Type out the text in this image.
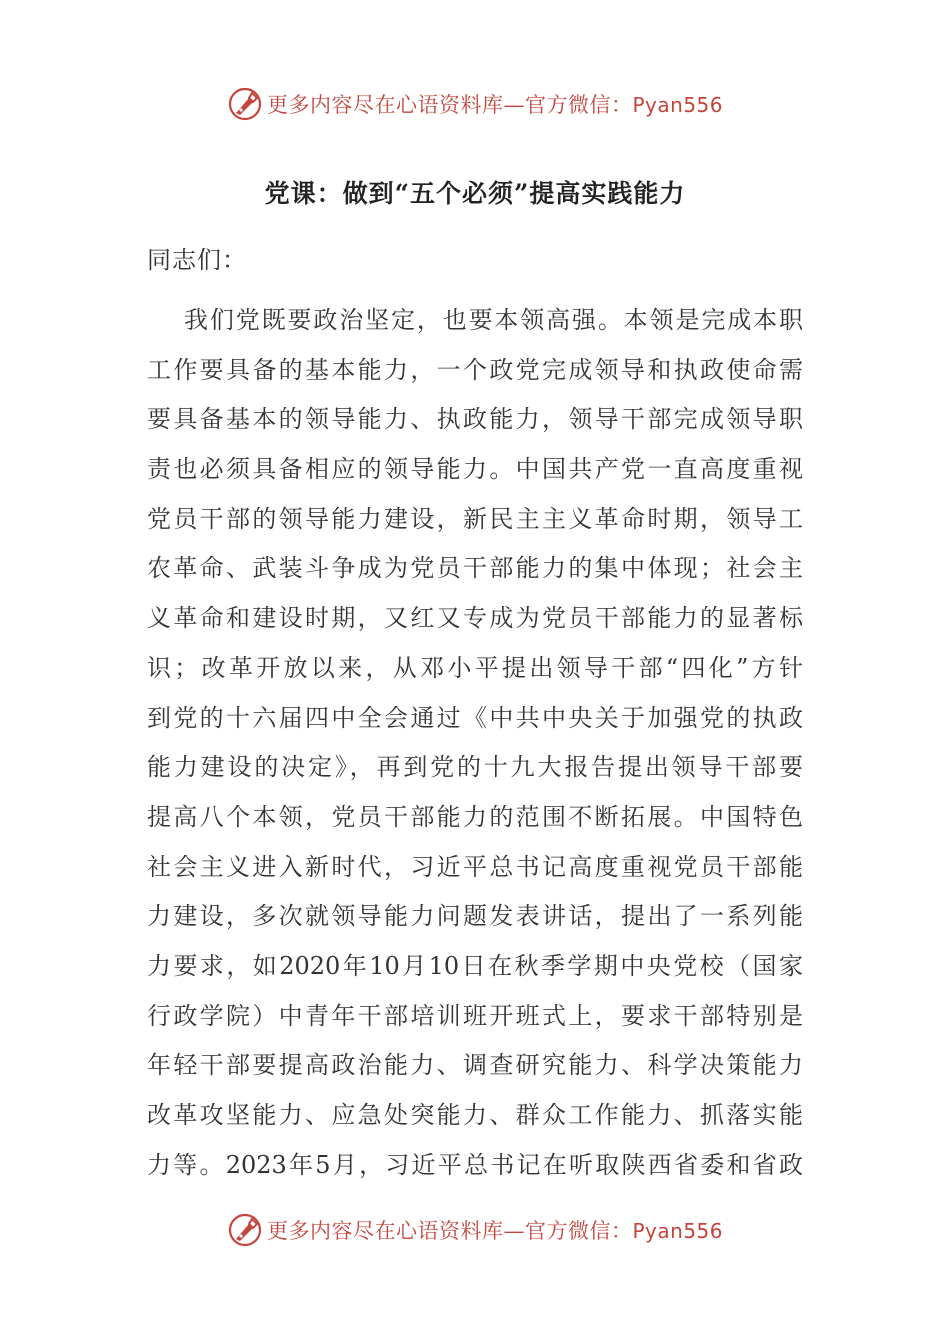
更多内容尽在心语资料库—官方微信：Pyan556
党课：做到“五个必须”提高实践能力
同志们：
我们党既要政治坚定，也要本领高强。本领是完成本职
工作要具备的基本能力，一个政党完成领导和执政使命需
要具备基本的领导能力、执政能力，领导干部完成领导职
责也必须具备相应的领导能力。中国共产党一直高度重视
党员干部的领导能力建设，新民主主义革命时期，领导工
农革命、武装斗争成为党员干部能力的集中体现；社会主
义革命和建设时期，又红又专成为党员干部能力的显著标
识；改革开放以来，从邓小平提出领导干部“四化”方针
到党的十六届四中全会通过《中共中央关于加强党的执政
能力建设的决定》，再到党的十九大报告提出领导干部要
提高八个本领，党员干部能力的范围不断拓展。中国特色
社会主义进入新时代，习近平总书记高度重视党员干部能
力建设，多次就领导能力问题发表讲话，提出了一系列能
力要求，如2020年10月10日在秋季学期中央党校（国家
行政学院）中青年干部培训班开班式上，要求干部特别是
年轻干部要提高政治能力、调查研究能力、科学决策能力
改革攻坚能力、应急处突能力、群众工作能力、抓落实能
力等。2023年5月，习近平总书记在听取陕西省委和省政
更多内容尽在心语资料库—官方微信：Pyan556
